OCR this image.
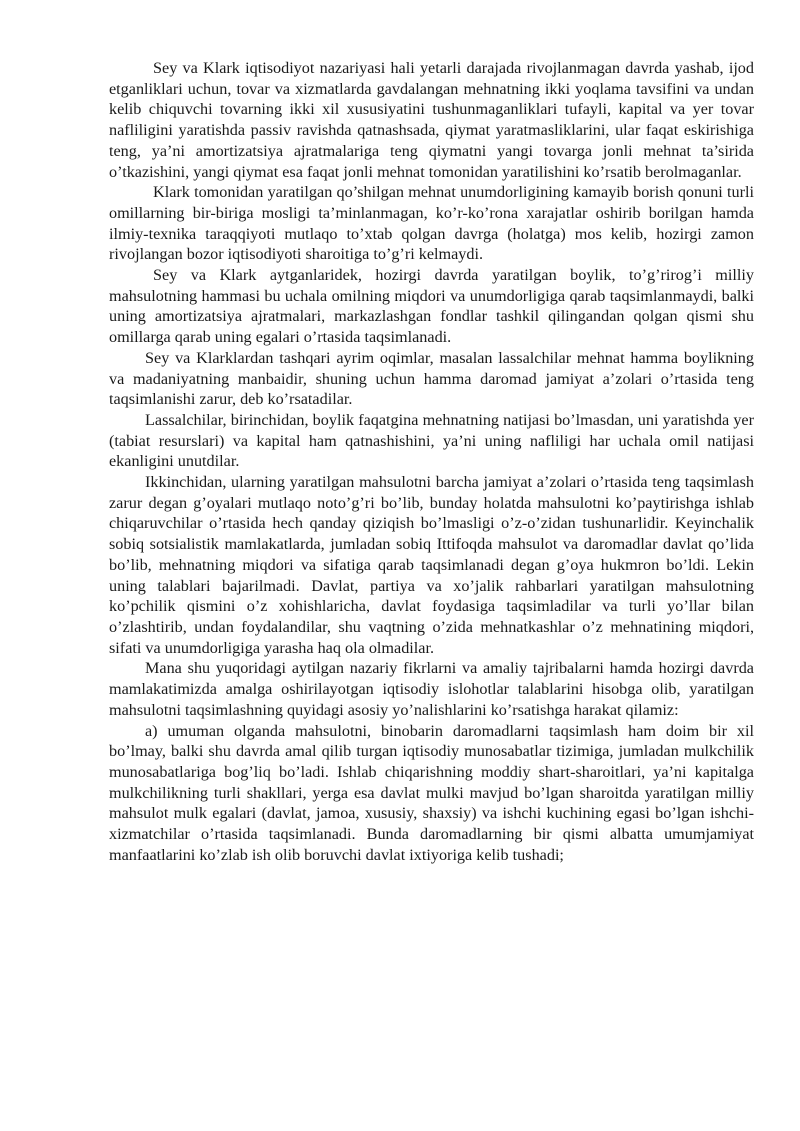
Sey va Klark iqtisodiyot nazariyasi hali yetarli darajada rivojlanmagan davrda yashab, ijod etganliklari uchun, tovar va xizmatlarda gavdalangan mehnatning ikki yoqlama tavsifini va undan kelib chiquvchi tovarning ikki xil xususiyatini tushunmaganliklari tufayli, kapital va yer tovar nafliligini yaratishda passiv ravishda qatnashsada, qiymat yaratmasliklarini, ular faqat eskirishiga teng, ya’ni amortizatsiya ajratmalariga teng qiymatni yangi tovarga jonli mehnat ta’sirida o’tkazishini, yangi qiymat esa faqat jonli mehnat tomonidan yaratilishini ko’rsatib berolmaganlar.

Klark tomonidan yaratilgan qo’shilgan mehnat unumdorligining kamayib borish qonuni turli omillarning bir-biriga mosligi ta’minlanmagan, ko’r-ko’rona xarajatlar oshirib borilgan hamda ilmiy-texnika taraqqiyoti mutlaqo to’xtab qolgan davrga (holatga) mos kelib, hozirgi zamon rivojlangan bozor iqtisodiyoti sharoitiga to’g’ri kelmaydi.

Sey va Klark aytganlaridek, hozirgi davrda yaratilgan boylik, to’g’rirog’i milliy mahsulotning hammasi bu uchala omilning miqdori va unumdorligiga qarab taqsimlanmaydi, balki uning amortizatsiya ajratmalari, markazlashgan fondlar tashkil qilingandan qolgan qismi shu omillarga qarab uning egalari o’rtasida taqsimlanadi.

Sey va Klarklardan tashqari ayrim oqimlar, masalan lassalchilar mehnat hamma boylikning va madaniyatning manbaidir, shuning uchun hamma daromad jamiyat a’zolari o’rtasida teng taqsimlanishi zarur, deb ko’rsatadilar.

Lassalchilar, birinchidan, boylik faqatgina mehnatning natijasi bo’lmasdan, uni yaratishda yer (tabiat resurslari) va kapital ham qatnashishini, ya’ni uning nafliligi har uchala omil natijasi ekanligini unutdilar.

Ikkinchidan, ularning yaratilgan mahsulotni barcha jamiyat a’zolari o’rtasida teng taqsimlash zarur degan g’oyalari mutlaqo noto’g’ri bo’lib, bunday holatda mahsulotni ko’paytirishga ishlab chiqaruvchilar o’rtasida hech qanday qiziqish bo’lmasligi o’z-o’zidan tushunarlidir. Keyinchalik sobiq sotsialistik mamlakatlarda, jumladan sobiq Ittifoqda mahsulot va daromadlar davlat qo’lida bo’lib, mehnatning miqdori va sifatiga qarab taqsimlanadi degan g’oya hukmron bo’ldi. Lekin uning talablari bajarilmadi. Davlat, partiya va xo’jalik rahbarlari yaratilgan mahsulotning ko’pchilik qismini o’z xohishlaricha, davlat foydasiga taqsimladilar va turli yo’llar bilan o’zlashtirib, undan foydalandilar, shu vaqtning o’zida mehnatkashlar o’z mehnatining miqdori, sifati va unumdorligiga yarasha haq ola olmadilar.

Mana shu yuqoridagi aytilgan nazariy fikrlarni va amaliy tajribalarni hamda hozirgi davrda mamlakatimizda amalga oshirilayotgan iqtisodiy islohotlar talablarini hisobga olib, yaratilgan mahsulotni taqsimlashning quyidagi asosiy yo’nalishlarini ko’rsatishga harakat qilamiz:

a) umuman olganda mahsulotni, binobarin daromadlarni taqsimlash ham doim bir xil bo’lmay, balki shu davrda amal qilib turgan iqtisodiy munosabatlar tizimiga, jumladan mulkchilik munosabatlariga bog’liq bo’ladi. Ishlab chiqarishning moddiy shart-sharoitlari, ya’ni kapitalga mulkchilikning turli shakllari, yerga esa davlat mulki mavjud bo’lgan sharoitda yaratilgan milliy mahsulot mulk egalari (davlat, jamoa, xususiy, shaxsiy) va ishchi kuchining egasi bo’lgan ishchi-xizmatchilar o’rtasida taqsimlanadi. Bunda daromadlarning bir qismi albatta umumjamiyat manfaatlarini ko’zlab ish olib boruvchi davlat ixtiyoriga kelib tushadi;
